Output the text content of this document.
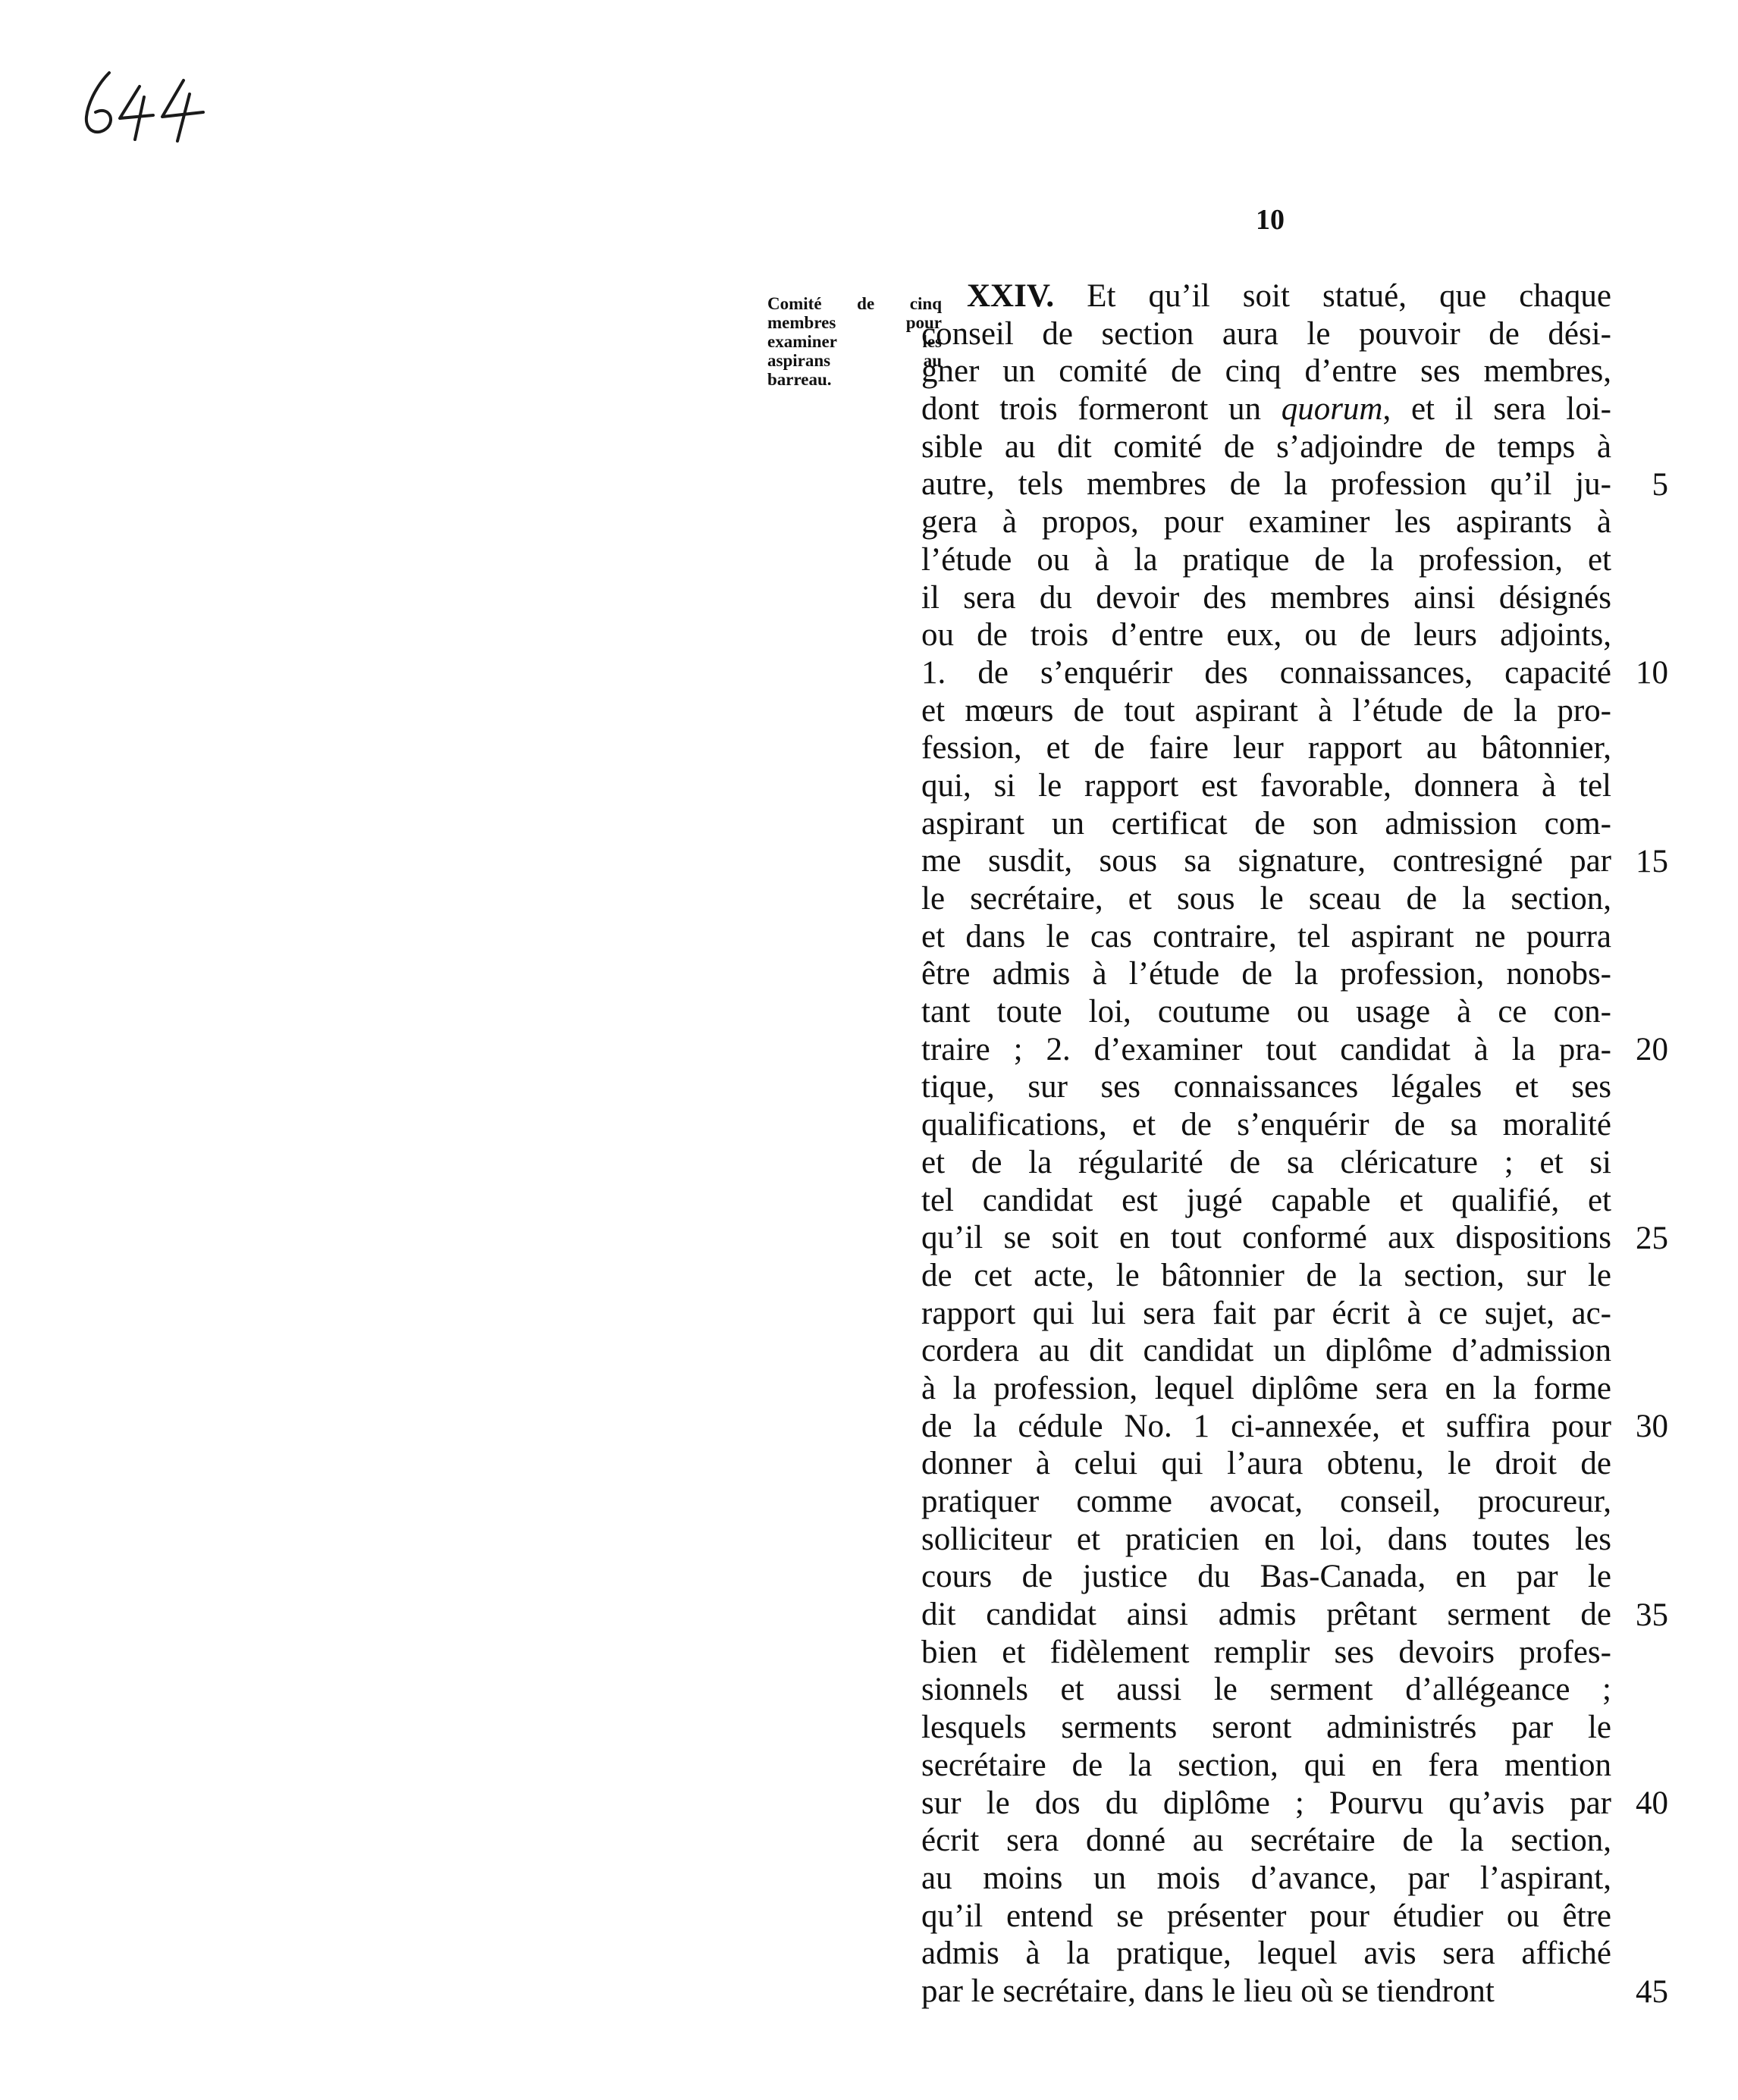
10
Comité de cinq
membres pour
examiner les
aspirans au
barreau.
XXIV. Et qu’il soit statué, que chaque
conseil de section aura le pouvoir de dési-
gner un comité de cinq d’entre ses membres,
dont trois formeront un quorum, et il sera loi-
sible au dit comité de s’adjoindre de temps à
autre, tels membres de la profession qu’il ju-
gera à propos, pour examiner les aspirants à
l’étude ou à la pratique de la profession, et
il sera du devoir des membres ainsi désignés
ou de trois d’entre eux, ou de leurs adjoints,
1. de s’enquérir des connaissances, capacité
et mœurs de tout aspirant à l’étude de la pro-
fession, et de faire leur rapport au bâtonnier,
qui, si le rapport est favorable, donnera à tel
aspirant un certificat de son admission com-
me susdit, sous sa signature, contresigné par
le secrétaire, et sous le sceau de la section,
et dans le cas contraire, tel aspirant ne pourra
être admis à l’étude de la profession, nonobs-
tant toute loi, coutume ou usage à ce con-
traire ; 2. d’examiner tout candidat à la pra-
tique, sur ses connaissances légales et ses
qualifications, et de s’enquérir de sa moralité
et de la régularité de sa cléricature ; et si
tel candidat est jugé capable et qualifié, et
qu’il se soit en tout conformé aux dispositions
de cet acte, le bâtonnier de la section, sur le
rapport qui lui sera fait par écrit à ce sujet, ac-
cordera au dit candidat un diplôme d’admission
à la profession, lequel diplôme sera en la forme
de la cédule No. 1 ci-annexée, et suffira pour
donner à celui qui l’aura obtenu, le droit de
pratiquer comme avocat, conseil, procureur,
solliciteur et praticien en loi, dans toutes les
cours de justice du Bas-Canada, en par le
dit candidat ainsi admis prêtant serment de
bien et fidèlement remplir ses devoirs profes-
sionnels et aussi le serment d’allégeance ;
lesquels serments seront administrés par le
secrétaire de la section, qui en fera mention
sur le dos du diplôme ; Pourvu qu’avis par
écrit sera donné au secrétaire de la section,
au moins un mois d’avance, par l’aspirant,
qu’il entend se présenter pour étudier ou être
admis à la pratique, lequel avis sera affiché
par le secrétaire, dans le lieu où se tiendront
5
10
15
20
25
30
35
40
45
